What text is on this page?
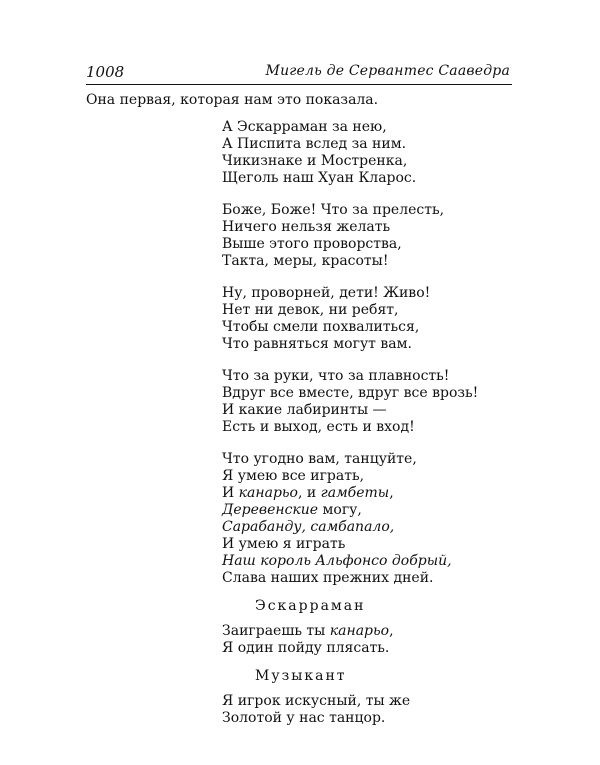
1008	Мигель де Сервантес Сааведра
Она первая, которая нам это показала.
А Эскарраман за нею,
А Писпита вслед за ним.
Чикизнаке и Мостренка,
Щеголь наш Хуан Кларос.
Боже, Боже! Что за прелесть,
Ничего нельзя желать
Выше этого проворства,
Такта, меры, красоты!
Ну, проворней, дети! Живо!
Нет ни девок, ни ребят,
Чтобы смели похвалиться,
Что равняться могут вам.
Что за руки, что за плавность!
Вдруг все вместе, вдруг все врозь!
И какие лабиринты —
Есть и выход, есть и вход!
Что угодно вам, танцуйте,
Я умею все играть,
И канарьо, и гамбеты,
Деревенские могу,
Сарабанду, самбапало,
И умею я играть
Наш король Альфонсо добрый,
Слава наших прежних дней.
Эскарраман
Заиграешь ты канарьо,
Я один пойду плясать.
Музыкант
Я игрок искусный, ты же
Золотой у нас танцор.
